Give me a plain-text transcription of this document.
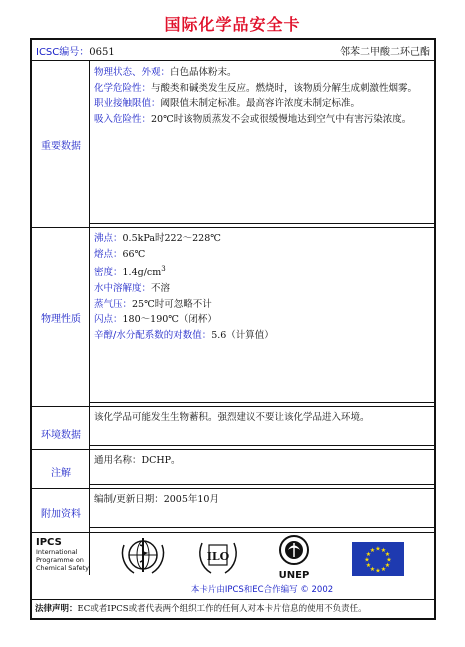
国际化学品安全卡
ICSC编号：0651	邻苯二甲酸二环己酯
重要数据
物理状态、外观：白色晶体粉末。
化学危险性：与酸类和碱类发生反应。燃烧时，该物质分解生成刺激性烟雾。
职业接触限值：阈限值未制定标准。最高容许浓度未制定标准。
吸入危险性：20℃时该物质蒸发不会或很缓慢地达到空气中有害污染浓度。
物理性质
沸点：0.5kPa时222～228℃
熔点：66℃
密度：$1.4g/cm^3$
水中溶解度：不溶
蒸气压：25℃时可忽略不计
闪点：180～190℃（闭杯）
辛醇/水分配系数的对数值：5.6（计算值）
环境数据
该化学品可能发生生物蓄积。强烈建议不要让该化学品进入环境。
注解
通用名称：DCHP。
附加资料
编制/更新日期：2005年10月
IPCS
International
Programme on
Chemical Safety
ILO
UNEP
★
★
★
★
★
★
★
★
★ ★ ★
★
本卡片由IPCS和EC合作编写 © 2002
法律声明：EC或者IPCS或者代表两个组织工作的任何人对本卡片信息的使用不负责任。
